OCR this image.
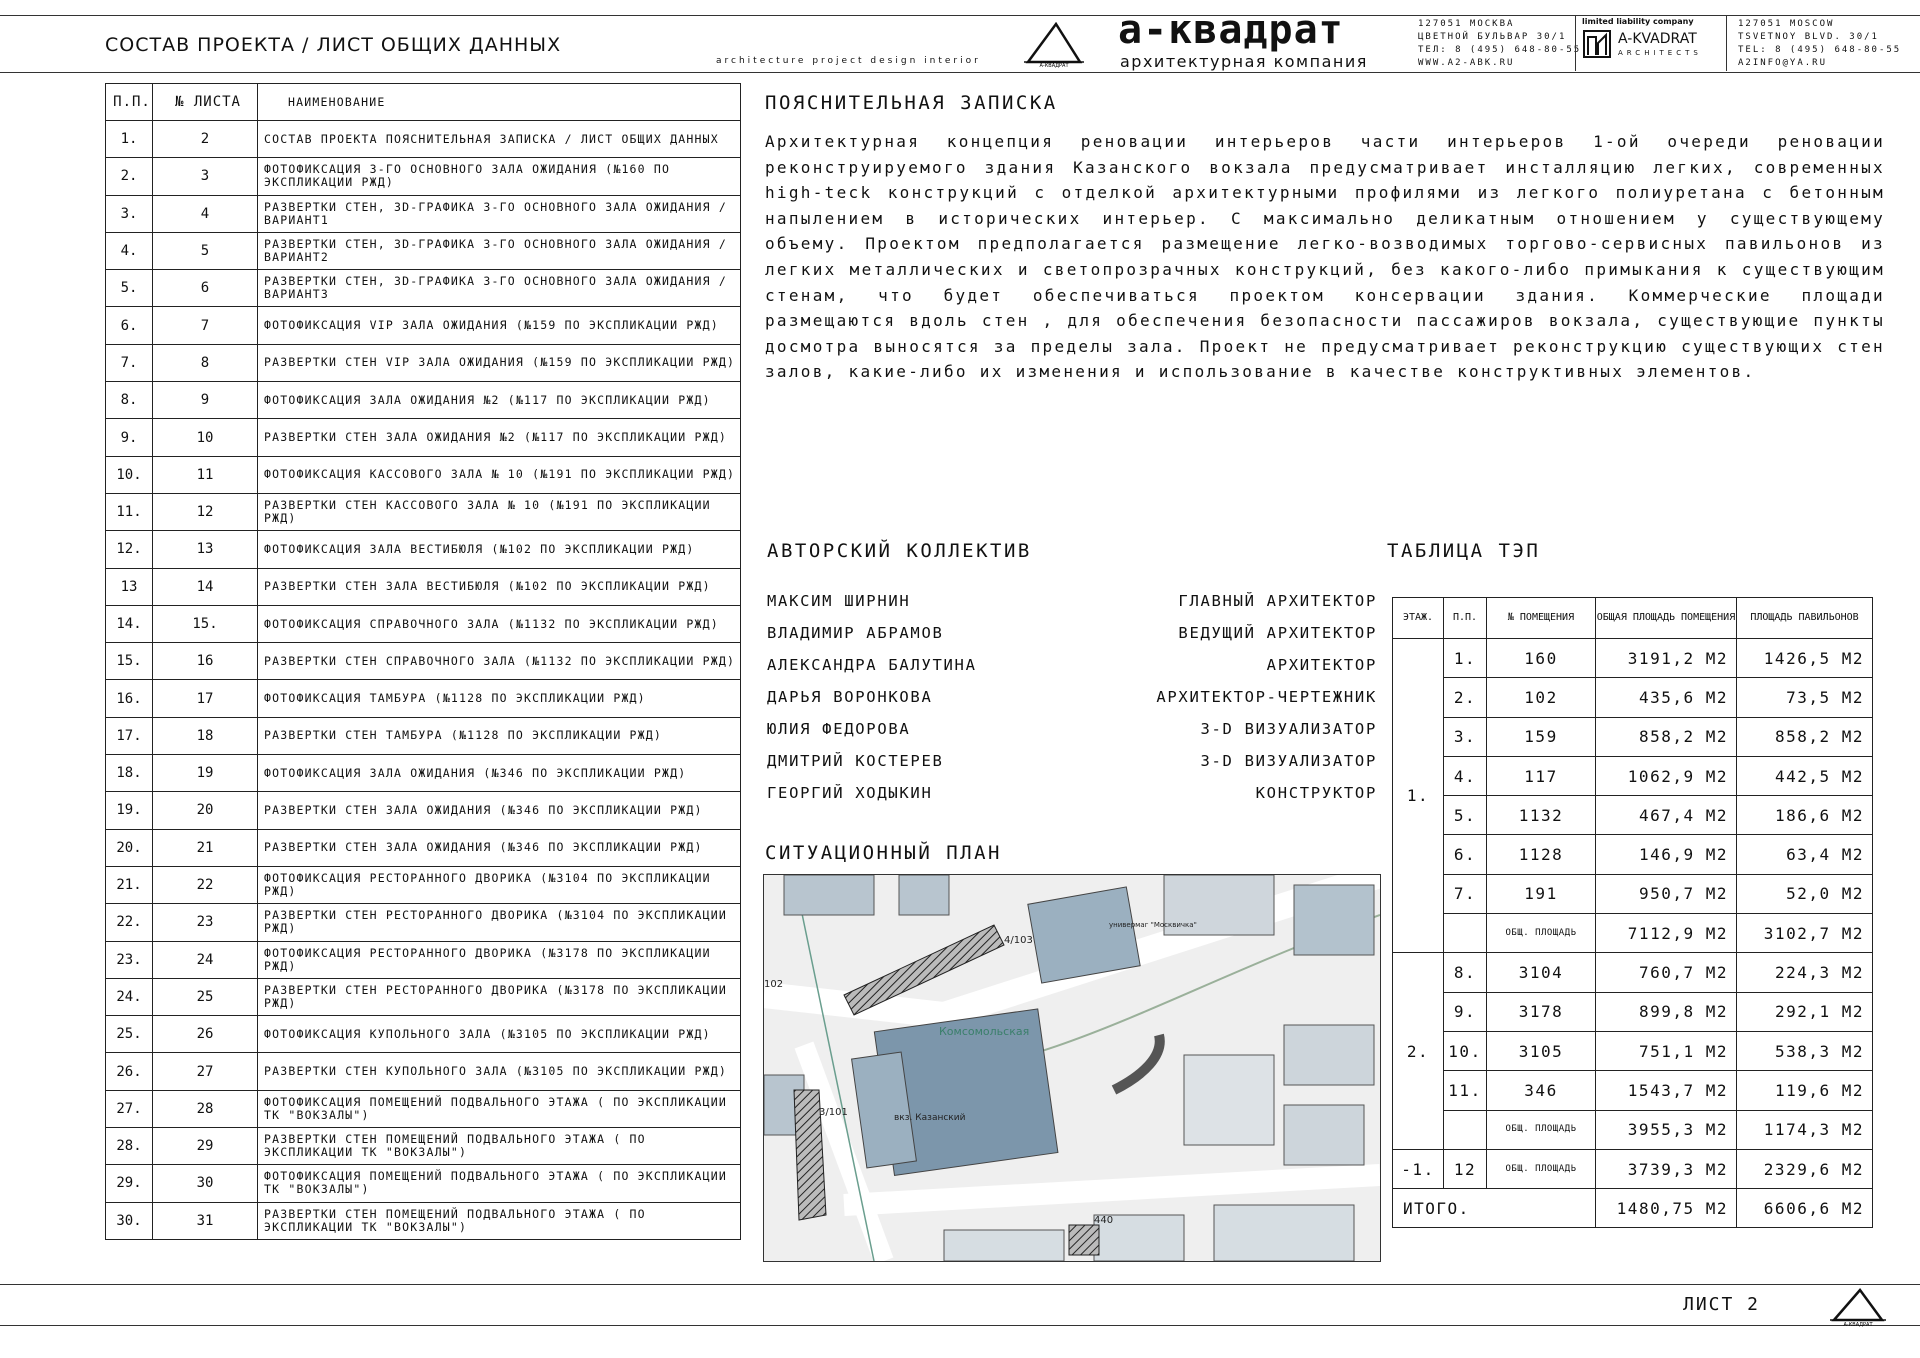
СОСТАВ ПРОЕКТА / ЛИСТ ОБЩИХ ДАННЫХ
architecture project design interior	А-КВАДРАТ
а-квадрат
архитектурная компания
127051 МОСКВА
ЦВЕТНОЙ БУЛЬВАР 30/1
ТЕЛ: 8 (495) 648-80-55
WWW.A2-ABK.RU
limited liability company
A-KVADRAT
ARCHITECTS
127051 MOSCOW
TSVETNOY BLVD. 30/1
TEL: 8 (495) 648-80-55
A2INFO@YA.RU
П.П.	№ ЛИСТА	НАИМЕНОВАНИЕ
1.	2	СОСТАВ ПРОЕКТА ПОЯСНИТЕЛЬНАЯ ЗАПИСКА / ЛИСТ ОБЩИХ ДАННЫХ
2.	3	ФОТОФИКСАЦИЯ 3-ГО ОСНОВНОГО ЗАЛА ОЖИДАНИЯ (№160 ПО ЭКСПЛИКАЦИИ РЖД)
3.	4	РАЗВЕРТКИ СТЕН, 3D-ГРАФИКА 3-ГО ОСНОВНОГО ЗАЛА ОЖИДАНИЯ / ВАРИАНТ1
4.	5	РАЗВЕРТКИ СТЕН, 3D-ГРАФИКА 3-ГО ОСНОВНОГО ЗАЛА ОЖИДАНИЯ / ВАРИАНТ2
5.	6	РАЗВЕРТКИ СТЕН, 3D-ГРАФИКА 3-ГО ОСНОВНОГО ЗАЛА ОЖИДАНИЯ / ВАРИАНТ3
6.	7	ФОТОФИКСАЦИЯ VIP ЗАЛА ОЖИДАНИЯ (№159 ПО ЭКСПЛИКАЦИИ РЖД)
7.	8	РАЗВЕРТКИ СТЕН VIP ЗАЛА ОЖИДАНИЯ (№159 ПО ЭКСПЛИКАЦИИ РЖД)
8.	9	ФОТОФИКСАЦИЯ ЗАЛА ОЖИДАНИЯ №2 (№117 ПО ЭКСПЛИКАЦИИ РЖД)
9.	10	РАЗВЕРТКИ СТЕН ЗАЛА ОЖИДАНИЯ №2 (№117 ПО ЭКСПЛИКАЦИИ РЖД)
10.	11	ФОТОФИКСАЦИЯ КАССОВОГО ЗАЛА № 10 (№191 ПО ЭКСПЛИКАЦИИ РЖД)
11.	12	РАЗВЕРТКИ СТЕН КАССОВОГО ЗАЛА № 10 (№191 ПО ЭКСПЛИКАЦИИ РЖД)
12.	13	ФОТОФИКСАЦИЯ ЗАЛА ВЕСТИБЮЛЯ (№102 ПО ЭКСПЛИКАЦИИ РЖД)
13	14	РАЗВЕРТКИ СТЕН ЗАЛА ВЕСТИБЮЛЯ (№102 ПО ЭКСПЛИКАЦИИ РЖД)
14.	15.	ФОТОФИКСАЦИЯ СПРАВОЧНОГО ЗАЛА (№1132 ПО ЭКСПЛИКАЦИИ РЖД)
15.	16	РАЗВЕРТКИ СТЕН СПРАВОЧНОГО ЗАЛА (№1132 ПО ЭКСПЛИКАЦИИ РЖД)
16.	17	ФОТОФИКСАЦИЯ ТАМБУРА (№1128 ПО ЭКСПЛИКАЦИИ РЖД)
17.	18	РАЗВЕРТКИ СТЕН ТАМБУРА (№1128 ПО ЭКСПЛИКАЦИИ РЖД)
18.	19	ФОТОФИКСАЦИЯ ЗАЛА ОЖИДАНИЯ (№346 ПО ЭКСПЛИКАЦИИ РЖД)
19.	20	РАЗВЕРТКИ СТЕН ЗАЛА ОЖИДАНИЯ (№346 ПО ЭКСПЛИКАЦИИ РЖД)
20.	21	РАЗВЕРТКИ СТЕН ЗАЛА ОЖИДАНИЯ (№346 ПО ЭКСПЛИКАЦИИ РЖД)
21.	22	ФОТОФИКСАЦИЯ РЕСТОРАННОГО ДВОРИКА (№3104 ПО ЭКСПЛИКАЦИИ РЖД)
22.	23	РАЗВЕРТКИ СТЕН РЕСТОРАННОГО ДВОРИКА (№3104 ПО ЭКСПЛИКАЦИИ РЖД)
23.	24	ФОТОФИКСАЦИЯ РЕСТОРАННОГО ДВОРИКА (№3178 ПО ЭКСПЛИКАЦИИ РЖД)
24.	25	РАЗВЕРТКИ СТЕН РЕСТОРАННОГО ДВОРИКА (№3178 ПО ЭКСПЛИКАЦИИ РЖД)
25.	26	ФОТОФИКСАЦИЯ КУПОЛЬНОГО ЗАЛА (№3105 ПО ЭКСПЛИКАЦИИ РЖД)
26.	27	РАЗВЕРТКИ СТЕН КУПОЛЬНОГО ЗАЛА (№3105 ПО ЭКСПЛИКАЦИИ РЖД)
27.	28	ФОТОФИКСАЦИЯ ПОМЕЩЕНИЙ ПОДВАЛЬНОГО ЭТАЖА ( ПО ЭКСПЛИКАЦИИ ТК "ВОКЗАЛЫ")
28.	29	РАЗВЕРТКИ СТЕН ПОМЕЩЕНИЙ ПОДВАЛЬНОГО ЭТАЖА ( ПО ЭКСПЛИКАЦИИ ТК "ВОКЗАЛЫ")
29.	30	ФОТОФИКСАЦИЯ ПОМЕЩЕНИЙ ПОДВАЛЬНОГО ЭТАЖА ( ПО ЭКСПЛИКАЦИИ ТК "ВОКЗАЛЫ")
30.	31	РАЗВЕРТКИ СТЕН ПОМЕЩЕНИЙ ПОДВАЛЬНОГО ЭТАЖА ( ПО ЭКСПЛИКАЦИИ ТК "ВОКЗАЛЫ")
ПОЯСНИТЕЛЬНАЯ ЗАПИСКА
Архитектурная концепция реновации интерьеров части интерьеров 1-ой очереди реновации реконструируемого здания Казанского вокзала предусматривает инсталляцию легких, современных high-teck конструкций с отделкой архитектурными профилями из легкого полиуретана с бетонным напылением в исторических интерьер. С максимально деликатным отношением у существующему объему. Проектом предполагается размещение легко-возводимых торгово-сервисных павильонов из легких металлических и светопрозрачных конструкций, без какого-либо примыкания к существующим стенам, что будет обеспечиваться проектом консервации здания. Коммерческие площади размещаются вдоль стен , для обеспечения безопасности пассажиров вокзала, существующие пункты досмотра выносятся за пределы зала. Проект не предусматривает реконструкцию существующих стен залов, какие-либо их изменения и использование в качестве конструктивных элементов.
АВТОРСКИЙ КОЛЛЕКТИВ
МАКСИМ ШИРНИН	ГЛАВНЫЙ АРХИТЕКТОР
ВЛАДИМИР АБРАМОВ	ВЕДУЩИЙ АРХИТЕКТОР
АЛЕКСАНДРА БАЛУТИНА	АРХИТЕКТОР
ДАРЬЯ ВОРОНКОВА	АРХИТЕКТОР-ЧЕРТЕЖНИК
ЮЛИЯ ФЕДОРОВА	3-D ВИЗУАЛИЗАТОР
ДМИТРИЙ КОСТЕРЕВ	3-D ВИЗУАЛИЗАТОР
ГЕОРГИЙ ХОДЫКИН	КОНСТРУКТОР
ТАБЛИЦА ТЭП
ЭТАЖ.	П.П.	№ ПОМЕЩЕНИЯ	ОБЩАЯ ПЛОЩАДЬ ПОМЕЩЕНИЯ	ПЛОЩАДЬ ПАВИЛЬОНОВ
1.	1.	160	3191,2 М2	1426,5 М2
	2.	102	435,6 М2	73,5 М2
	3.	159	858,2 М2	858,2 М2
	4.	117	1062,9 М2	442,5 М2
	5.	1132	467,4 М2	186,6 М2
	6.	1128	146,9 М2	63,4 М2
	7.	191	950,7 М2	52,0 М2
		ОБЩ. ПЛОЩАДЬ	7112,9 М2	3102,7 М2
2.	8.	3104	760,7 М2	224,3 М2
	9.	3178	899,8 М2	292,1 М2
	10.	3105	751,1 М2	538,3 М2
	11.	346	1543,7 М2	119,6 М2
		ОБЩ. ПЛОЩАДЬ	3955,3 М2	1174,3 М2
-1.	12	ОБЩ. ПЛОЩАДЬ	3739,3 М2	2329,6 М2
ИТОГО.			1480,75 М2	6606,6 М2
СИТУАЦИОННЫЙ ПЛАН
Комсомольская
вкз. Казанский
универмаг "Москвичка"
102
4/103
3/101
440
ЛИСТ 2
А-КВАДРАТ
